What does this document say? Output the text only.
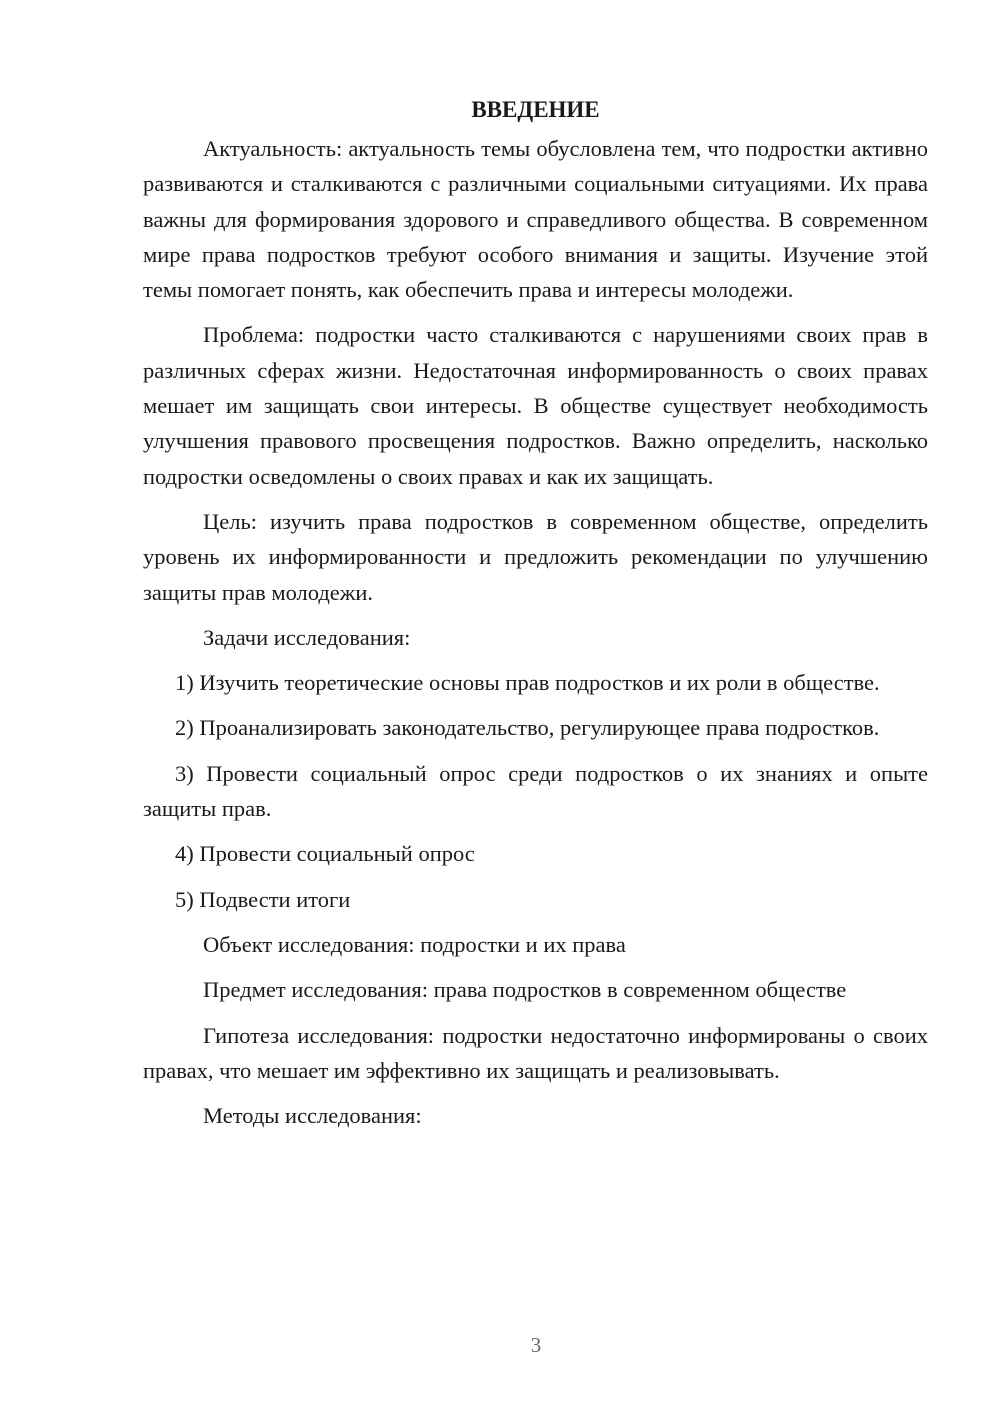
ВВЕДЕНИЕ

Актуальность: актуальность темы обусловлена тем, что подростки активно развиваются и сталкиваются с различными социальными ситуациями. Их права важны для формирования здорового и справедливого общества. В современном мире права подростков требуют особого внимания и защиты. Изучение этой темы помогает понять, как обеспечить права и интересы молодежи.

Проблема: подростки часто сталкиваются с нарушениями своих прав в различных сферах жизни. Недостаточная информированность о своих правах мешает им защищать свои интересы. В обществе существует необходимость улучшения правового просвещения подростков. Важно определить, насколько подростки осведомлены о своих правах и как их защищать.

Цель: изучить права подростков в современном обществе, определить уровень их информированности и предложить рекомендации по улучшению защиты прав молодежи.

Задачи исследования:

1) Изучить теоретические основы прав подростков и их роли в обществе.

2) Проанализировать законодательство, регулирующее права подростков.

3) Провести социальный опрос среди подростков о их знаниях и опыте защиты прав.

4) Провести социальный опрос

5) Подвести итоги

Объект исследования: подростки и их права

Предмет исследования: права подростков в современном обществе

Гипотеза исследования: подростки недостаточно информированы о своих правах, что мешает им эффективно их защищать и реализовывать.

Методы исследования:

3
